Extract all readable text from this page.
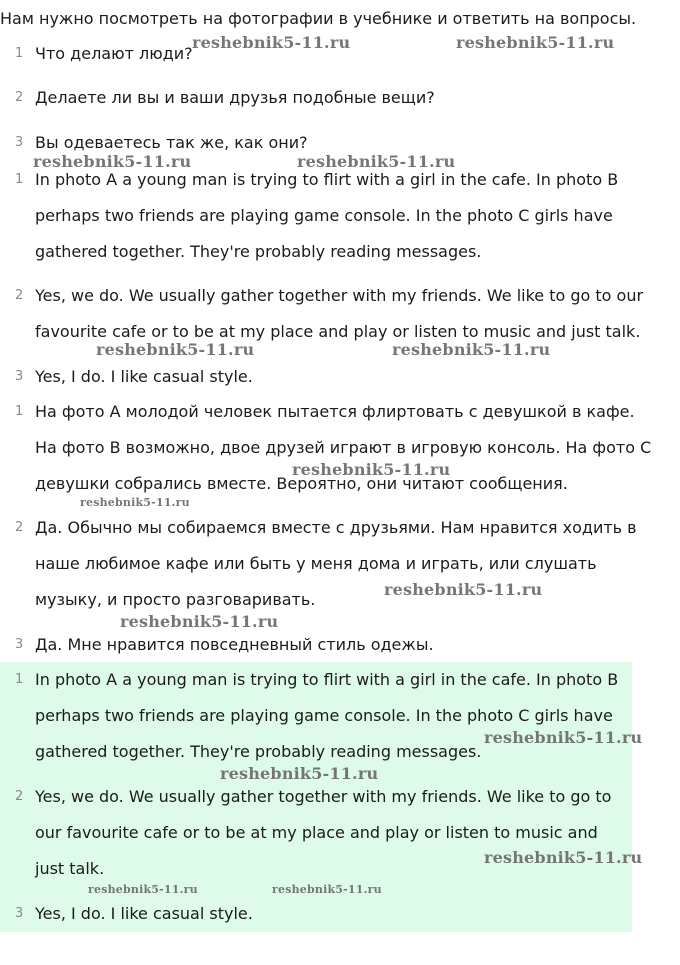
Нам нужно посмотреть на фотографии в учебнике и ответить на вопросы.
1 Что делают люди?
2 Делаете ли вы и ваши друзья подобные вещи?
3 Вы одеваетесь так же, как они?
1 In photo A a young man is trying to flirt with a girl in the cafe. In photo B perhaps two friends are playing game console. In the photo C girls have gathered together. They're probably reading messages.
2 Yes, we do. We usually gather together with my friends. We like to go to our favourite cafe or to be at my place and play or listen to music and just talk.
3 Yes, I do. I like casual style.
1 На фото А молодой человек пытается флиртовать с девушкой в кафе. На фото В возможно, двое друзей играют в игровую консоль. На фото С девушки собрались вместе. Вероятно, они читают сообщения.
2 Да. Обычно мы собираемся вместе с друзьями. Нам нравится ходить в наше любимое кафе или быть у меня дома и играть, или слушать музыку, и просто разговаривать.
3 Да. Мне нравится повседневный стиль одежы.
1 In photo A a young man is trying to flirt with a girl in the cafe. In photo B perhaps two friends are playing game console. In the photo C girls have gathered together. They're probably reading messages.
2 Yes, we do. We usually gather together with my friends. We like to go to our favourite cafe or to be at my place and play or listen to music and just talk.
3 Yes, I do. I like casual style.
reshebnik5-11.ru	reshebnik5-11.ru
reshebnik5-11.ru	reshebnik5-11.ru
reshebnik5-11.ru	reshebnik5-11.ru
reshebnik5-11.ru
reshebnik5-11.ru
reshebnik5-11.ru
reshebnik5-11.ru
reshebnik5-11.ru
reshebnik5-11.ru
reshebnik5-11.ru
reshebnik5-11.ru	reshebnik5-11.ru
